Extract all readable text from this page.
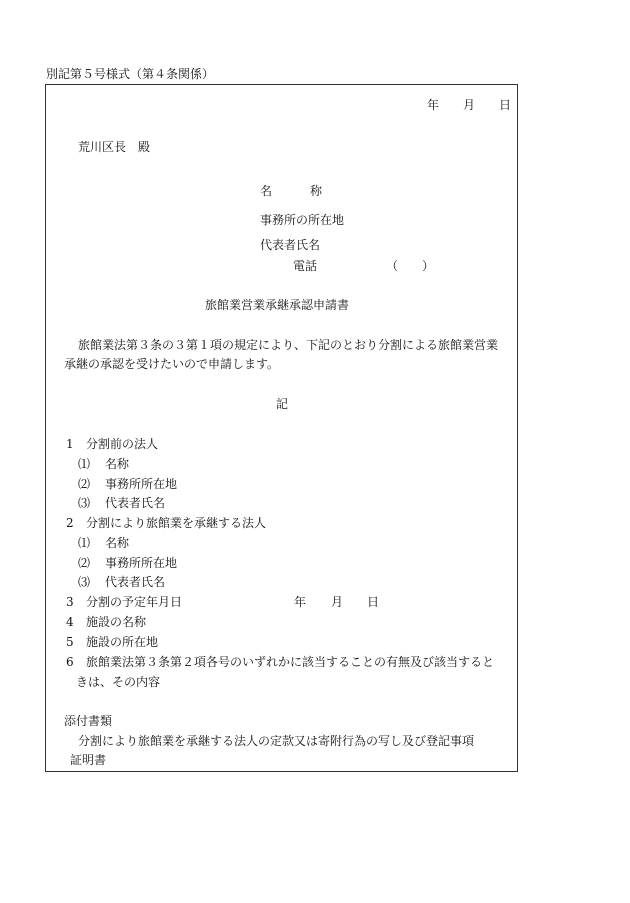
別記第５号様式（第４条関係）
年 月 日
荒川区長　殿
名	称
事務所の所在地
代表者氏名
電話	（　　）
旅館業営業承継承認申請書
旅館業法第３条の３第１項の規定により、下記のとおり分割による旅館業営業
承継の承認を受けたいので申請します。
記
1 分割前の法人
⑴ 名称
⑵ 事務所所在地
⑶ 代表者氏名
2 分割により旅館業を承継する法人
⑴ 名称
⑵ 事務所所在地
⑶ 代表者氏名
3 分割の予定年月日	年 月 日
4 施設の名称
5 施設の所在地
6 旅館業法第３条第２項各号のいずれかに該当することの有無及び該当すると
きは、その内容
添付書類
分割により旅館業を承継する法人の定款又は寄附行為の写し及び登記事項
証明書
